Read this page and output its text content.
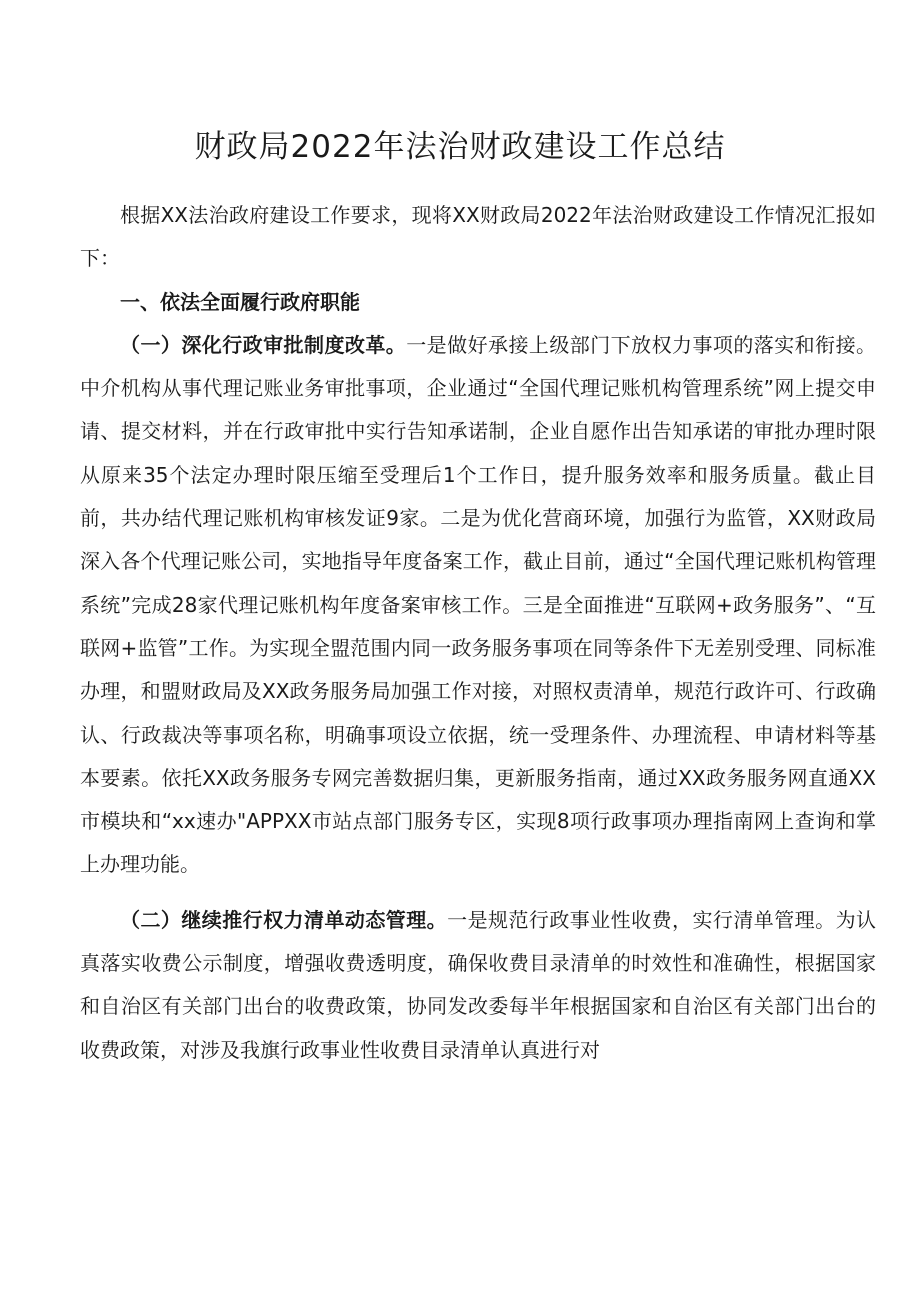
财政局2022年法治财政建设工作总结

根据XX法治政府建设工作要求，现将XX财政局2022年法治财政建设工作情况汇报如下：

一、依法全面履行政府职能

（一）深化行政审批制度改革。一是做好承接上级部门下放权力事项的落实和衔接。中介机构从事代理记账业务审批事项，企业通过“全国代理记账机构管理系统”网上提交申请、提交材料，并在行政审批中实行告知承诺制，企业自愿作出告知承诺的审批办理时限从原来35个法定办理时限压缩至受理后1个工作日，提升服务效率和服务质量。截止目前，共办结代理记账机构审核发证9家。二是为优化营商环境，加强行为监管，XX财政局深入各个代理记账公司，实地指导年度备案工作，截止目前，通过“全国代理记账机构管理系统”完成28家代理记账机构年度备案审核工作。三是全面推进“互联网+政务服务”、“互联网+监管”工作。为实现全盟范围内同一政务服务事项在同等条件下无差别受理、同标准办理，和盟财政局及XX政务服务局加强工作对接，对照权责清单，规范行政许可、行政确认、行政裁决等事项名称，明确事项设立依据，统一受理条件、办理流程、申请材料等基本要素。依托XX政务服务专网完善数据归集，更新服务指南，通过XX政务服务网直通XX市模块和“xx速办"APPXX市站点部门服务专区，实现8项行政事项办理指南网上查询和掌上办理功能。

（二）继续推行权力清单动态管理。一是规范行政事业性收费，实行清单管理。为认真落实收费公示制度，增强收费透明度，确保收费目录清单的时效性和准确性，根据国家和自治区有关部门出台的收费政策，协同发改委每半年根据国家和自治区有关部门出台的收费政策，对涉及我旗行政事业性收费目录清单认真进行对
